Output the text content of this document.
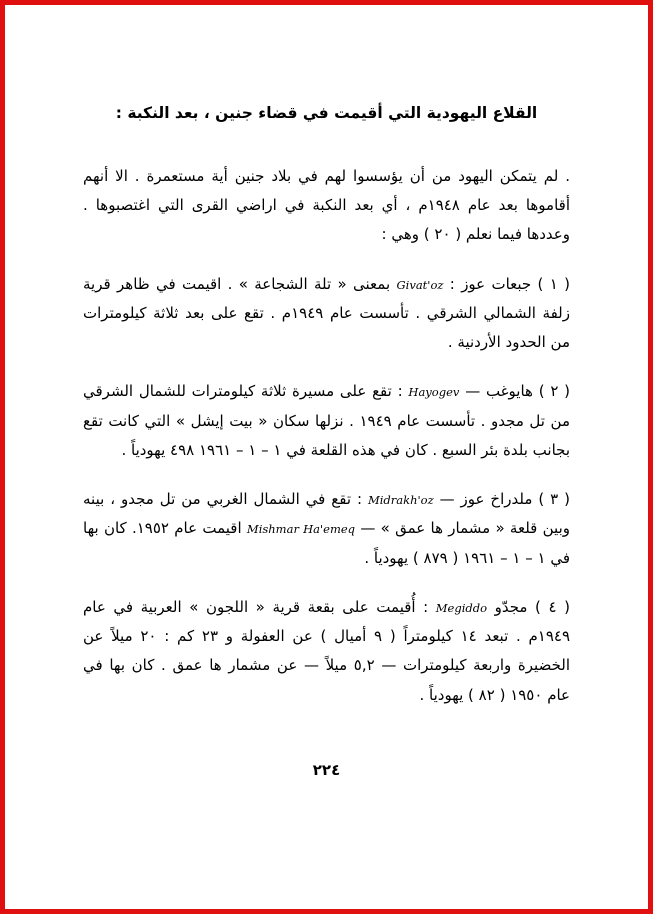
القلاع اليهودية التي أقيمت في قضاء جنين ، بعد النكبة :

. لم يتمكن اليهود من أن يؤسسوا لهم في بلاد جنين أية مستعمرة . الا أنهم أقاموها بعد عام ١٩٤٨م ، أي بعد النكبة في اراضي القرى التي اغتصبوها . وعددها فيما نعلم ( ٢٠ ) وهي :

( ١ ) جبعات عوز : Givat'oz بمعنى « تلة الشجاعة » . اقيمت في ظاهر قرية زلفة الشمالي الشرقي . تأسست عام ١٩٤٩م . تقع على بعد ثلاثة كيلومترات من الحدود الأردنية .

( ٢ ) هايوغب — Hayogev : تقع على مسيرة ثلاثة كيلومترات للشمال الشرقي من تل مجدو . تأسست عام ١٩٤٩ . نزلها سكان « بيت إيشل » التي كانت تقع بجانب بلدة بئر السبع . كان في هذه القلعة في ١ – ١ – ١٩٦١ ٤٩٨ يهودياً .

( ٣ ) ملدراخ عوز — Midrakh'oz : تقع في الشمال الغربي من تل مجدو ، بينه وبين قلعة « مشمار ها عمق » — Mishmar Ha'emeq اقيمت عام ١٩٥٢. كان بها في ١ – ١ – ١٩٦١ ( ٨٧٩ ) يهودياً .

( ٤ ) مجدّو Megiddo : أُقيمت على بقعة قرية « اللجون » العربية في عام ١٩٤٩م . تبعد ١٤ كيلومتراً ( ٩ أميال ) عن العفولة و ٢٣ كم : ٢٠ ميلاً عن الخضيرة واربعة كيلومترات — ٥,٢ ميلاً — عن مشمار ها عمق . كان بها في عام ١٩٥٠ ( ٨٢ ) يهودياً .

٢٢٤
